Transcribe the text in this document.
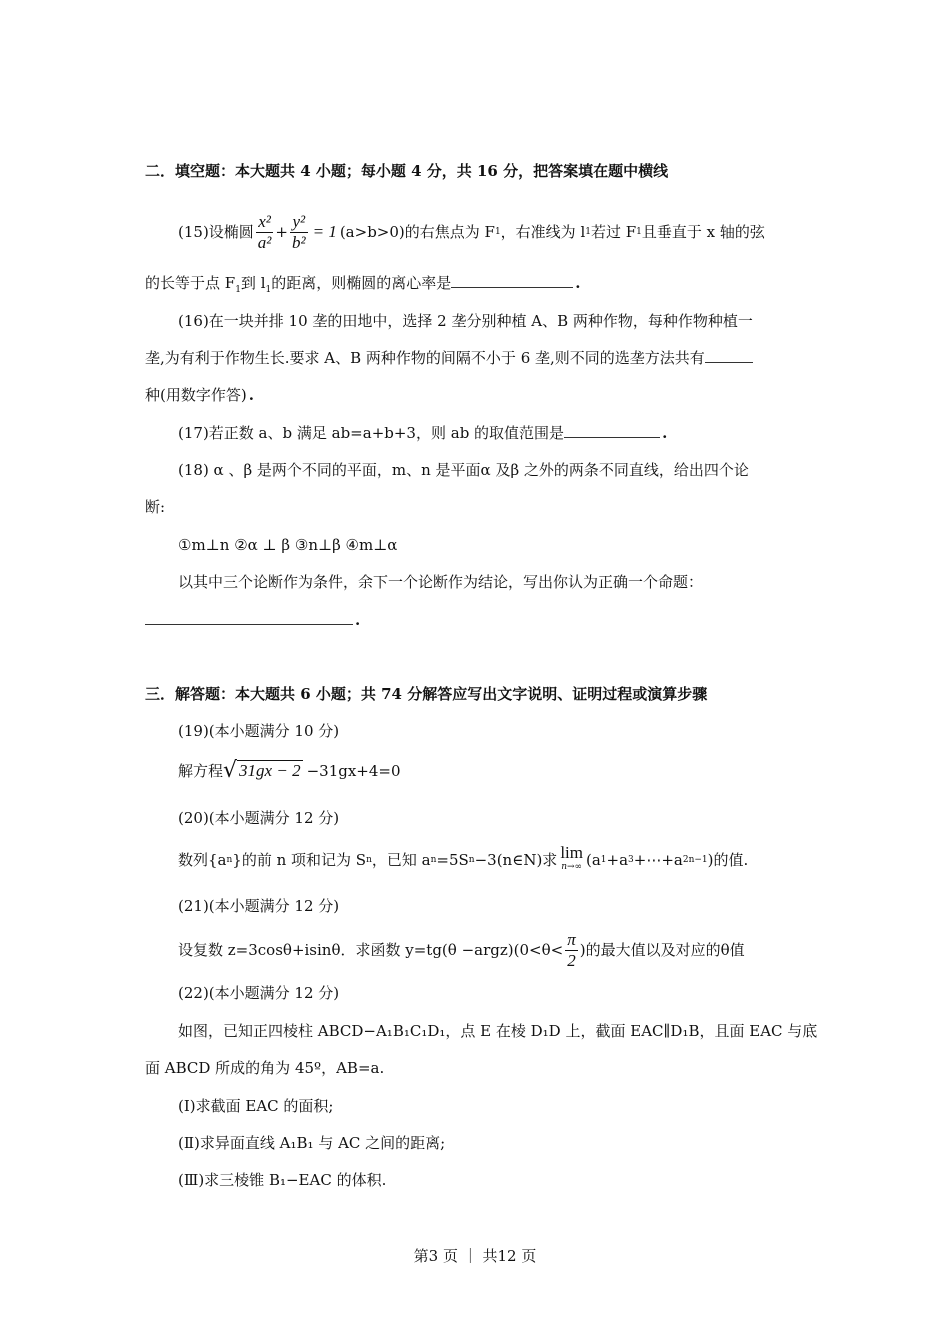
二．填空题：本大题共 4 小题；每小题 4 分，共 16 分，把答案填在题中横线
(15)设椭圆 $\frac{\text{x²}}{\text{a²}} + \frac{\text{y²}}{\text{b²}} = 1$ (a>b>0)的右焦点为 F 1 ，右准线为 l 1 若过 F 1 且垂直于 x 轴的弦
的长等于点 $F_1$到 $l_1$的距离，则椭圆的离心率是	.
(16)在一块并排 10 垄的田地中，选择 2 垄分别种植 A、B 两种作物，每种作物种植一
垄,为有利于作物生长.要求 A、B 两种作物的间隔不小于 6 垄,则不同的选垄方法共有
种(用数字作答) .
(17)若正数 a、b 满足 ab=a+b+3，则 ab 的取值范围是	.
(18) α 、β 是两个不同的平面，m、n 是平面α 及β 之外的两条不同直线，给出四个论
断:
①m⊥n ②α ⊥ β ③n⊥β ④m⊥α
以其中三个论断作为条件，余下一个论断作为结论，写出你认为正确一个命题：
.
三．解答题：本大题共 6 小题；共 74 分解答应写出文字说明、证明过程或演算步骤
(19)(本小题满分 10 分)
解方程 √ 31gx − 2 −31gx+4=0
(20)(本小题满分 12 分)
数列{a n }的前 n 项和记为 S n ，已知 a n =5S n −3(n∈N)求 lim
n→∞ (a 1 +a 3 +⋯+a 2n−1 )的值.
(21)(本小题满分 12 分)
设复数 z=3cosθ+isinθ．求函数 y=tg(θ −argz)(0<θ< $\frac{\pi}{2}$ )的最大值以及对应的θ值
(22)(本小题满分 12 分)
如图，已知正四棱柱 ABCD−A₁B₁C₁D₁，点 E 在棱 D₁D 上，截面 EAC∥D₁B，且面 EAC 与底
面 ABCD 所成的角为 45º，AB=a.
(Ⅰ)求截面 EAC 的面积;
(Ⅱ)求异面直线 A₁B₁ 与 AC 之间的距离;
(Ⅲ)求三棱锥 B₁−EAC 的体积.
第3 页 ｜ 共12 页
